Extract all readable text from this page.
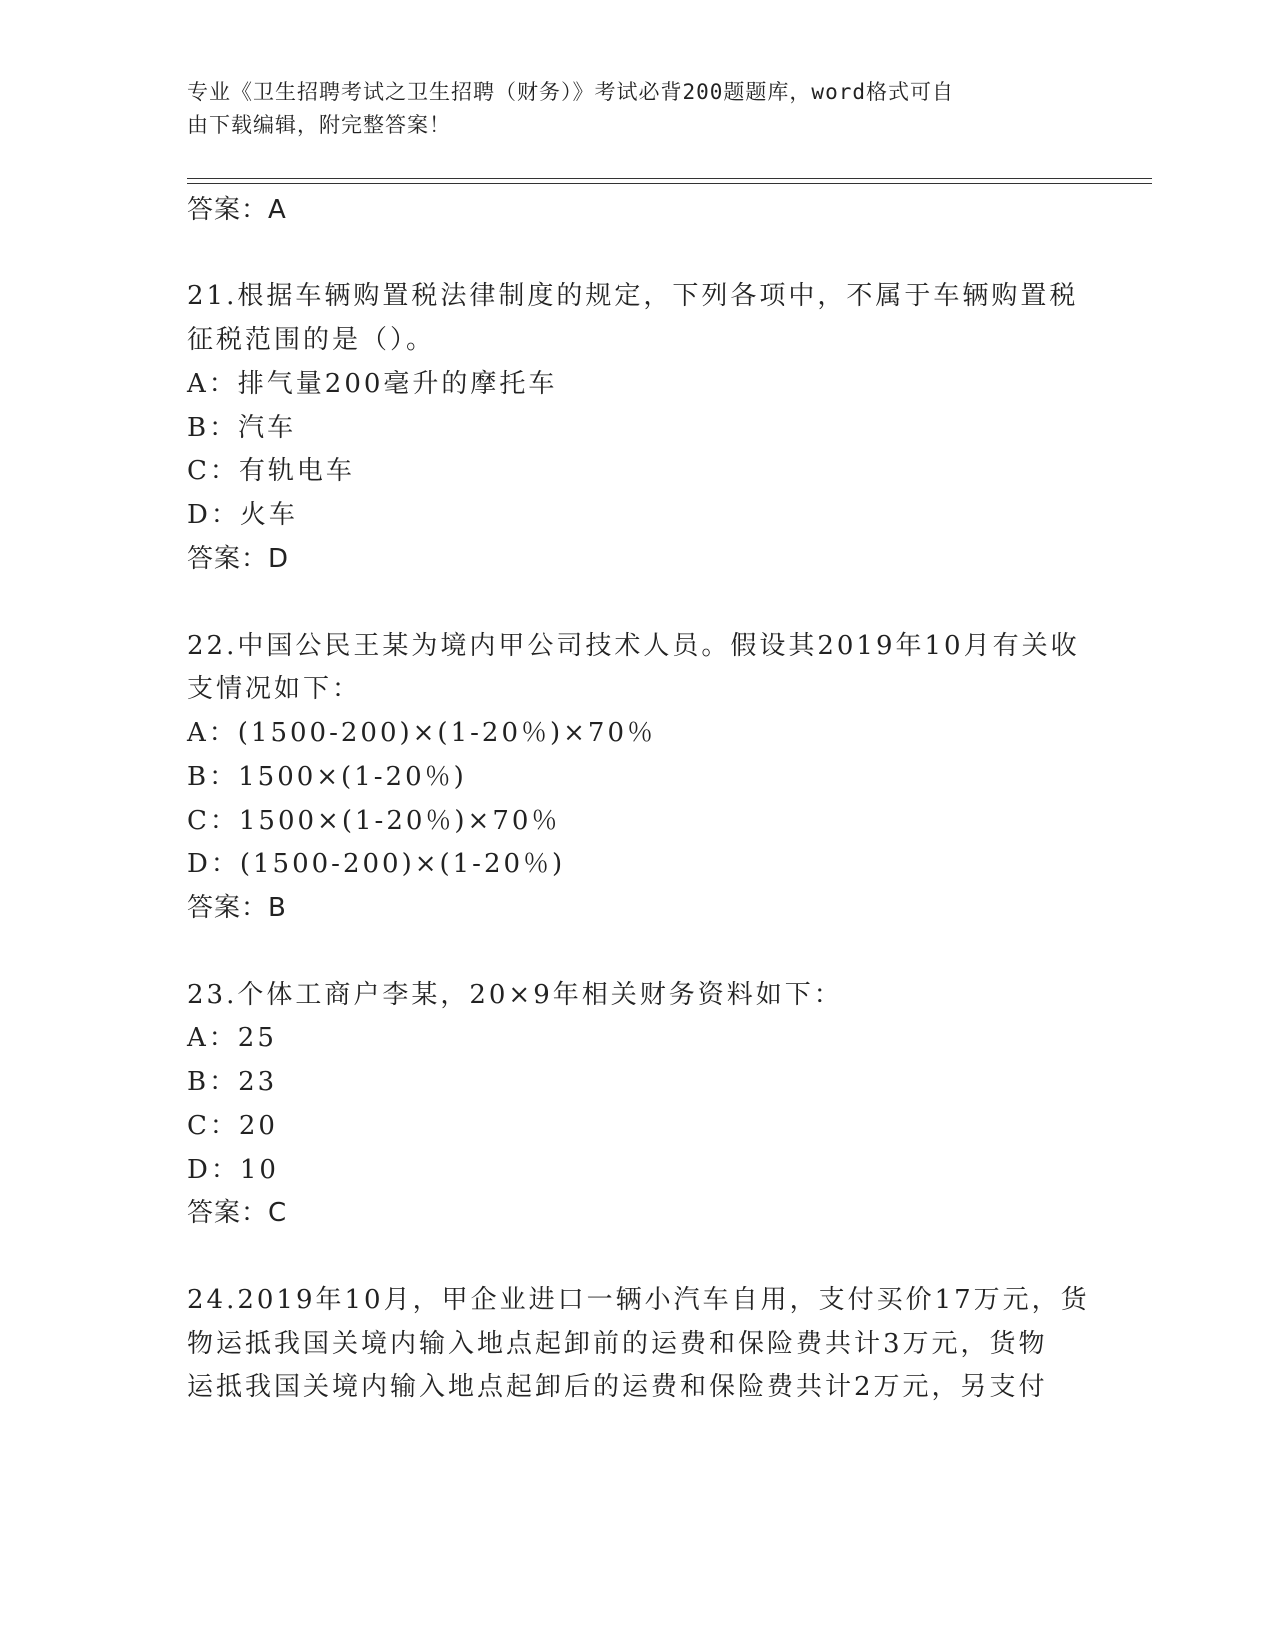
专业《卫生招聘考试之卫生招聘（财务）》考试必背200题题库，word格式可自
由下载编辑，附完整答案！
答案：A
21.根据车辆购置税法律制度的规定，下列各项中，不属于车辆购置税
征税范围的是（）。
A：排气量200毫升的摩托车
B：汽车
C：有轨电车
D：火车
答案：D
22.中国公民王某为境内甲公司技术人员。假设其2019年10月有关收
支情况如下：
A：(1500-200)×(1-20％)×70％
B：1500×(1-20％)
C：1500×(1-20％)×70％
D：(1500-200)×(1-20％)
答案：B
23.个体工商户李某，20×9年相关财务资料如下：
A：25
B：23
C：20
D：10
答案：C
24.2019年10月，甲企业进口一辆小汽车自用，支付买价17万元，货
物运抵我国关境内输入地点起卸前的运费和保险费共计3万元，货物
运抵我国关境内输入地点起卸后的运费和保险费共计2万元，另支付
